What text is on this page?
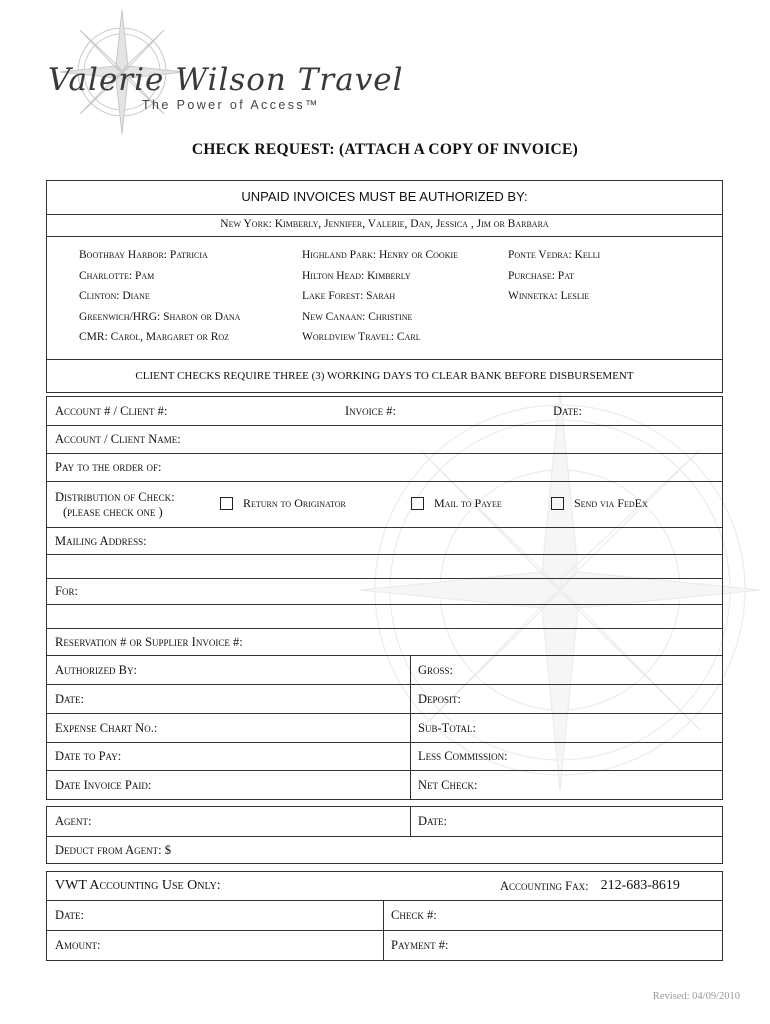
Valerie Wilson Travel
The Power of Access™
CHECK REQUEST: (ATTACH A COPY OF INVOICE)
UNPAID INVOICES MUST BE AUTHORIZED BY:
New York: Kimberly, Jennifer, Valerie, Dan, Jessica , Jim or Barbara
Boothbay Harbor: Patricia
Charlotte: Pam
Clinton: Diane
Greenwich/HRG: Sharon or Dana
CMR: Carol, Margaret or Roz
Highland Park: Henry or Cookie
Hilton Head: Kimberly
Lake Forest: Sarah
New Canaan: Christine
Worldview Travel: Carl
Ponte Vedra: Kelli
Purchase: Pat
Winnetka: Leslie
CLIENT CHECKS REQUIRE THREE (3) WORKING DAYS TO CLEAR BANK BEFORE DISBURSEMENT
Account # / Client #:	Invoice #:	Date:
Account / Client Name:
Pay to the order of:
Distribution of Check:
(please check one )
Return to Originator	Mail to Payee	Send via FedEx
Mailing Address:
For:
Reservation # or Supplier Invoice #:
Authorized By:	Gross:
Date:	Deposit:
Expense Chart No.:	Sub-Total:
Date to Pay:	Less Commission:
Date Invoice Paid:	Net Check:
Agent:	Date:
Deduct from Agent: $
VWT Accounting Use Only:	Accounting Fax: 212-683-8619
Date:	Check #:
Amount:	Payment #:
Revised: 04/09/2010
